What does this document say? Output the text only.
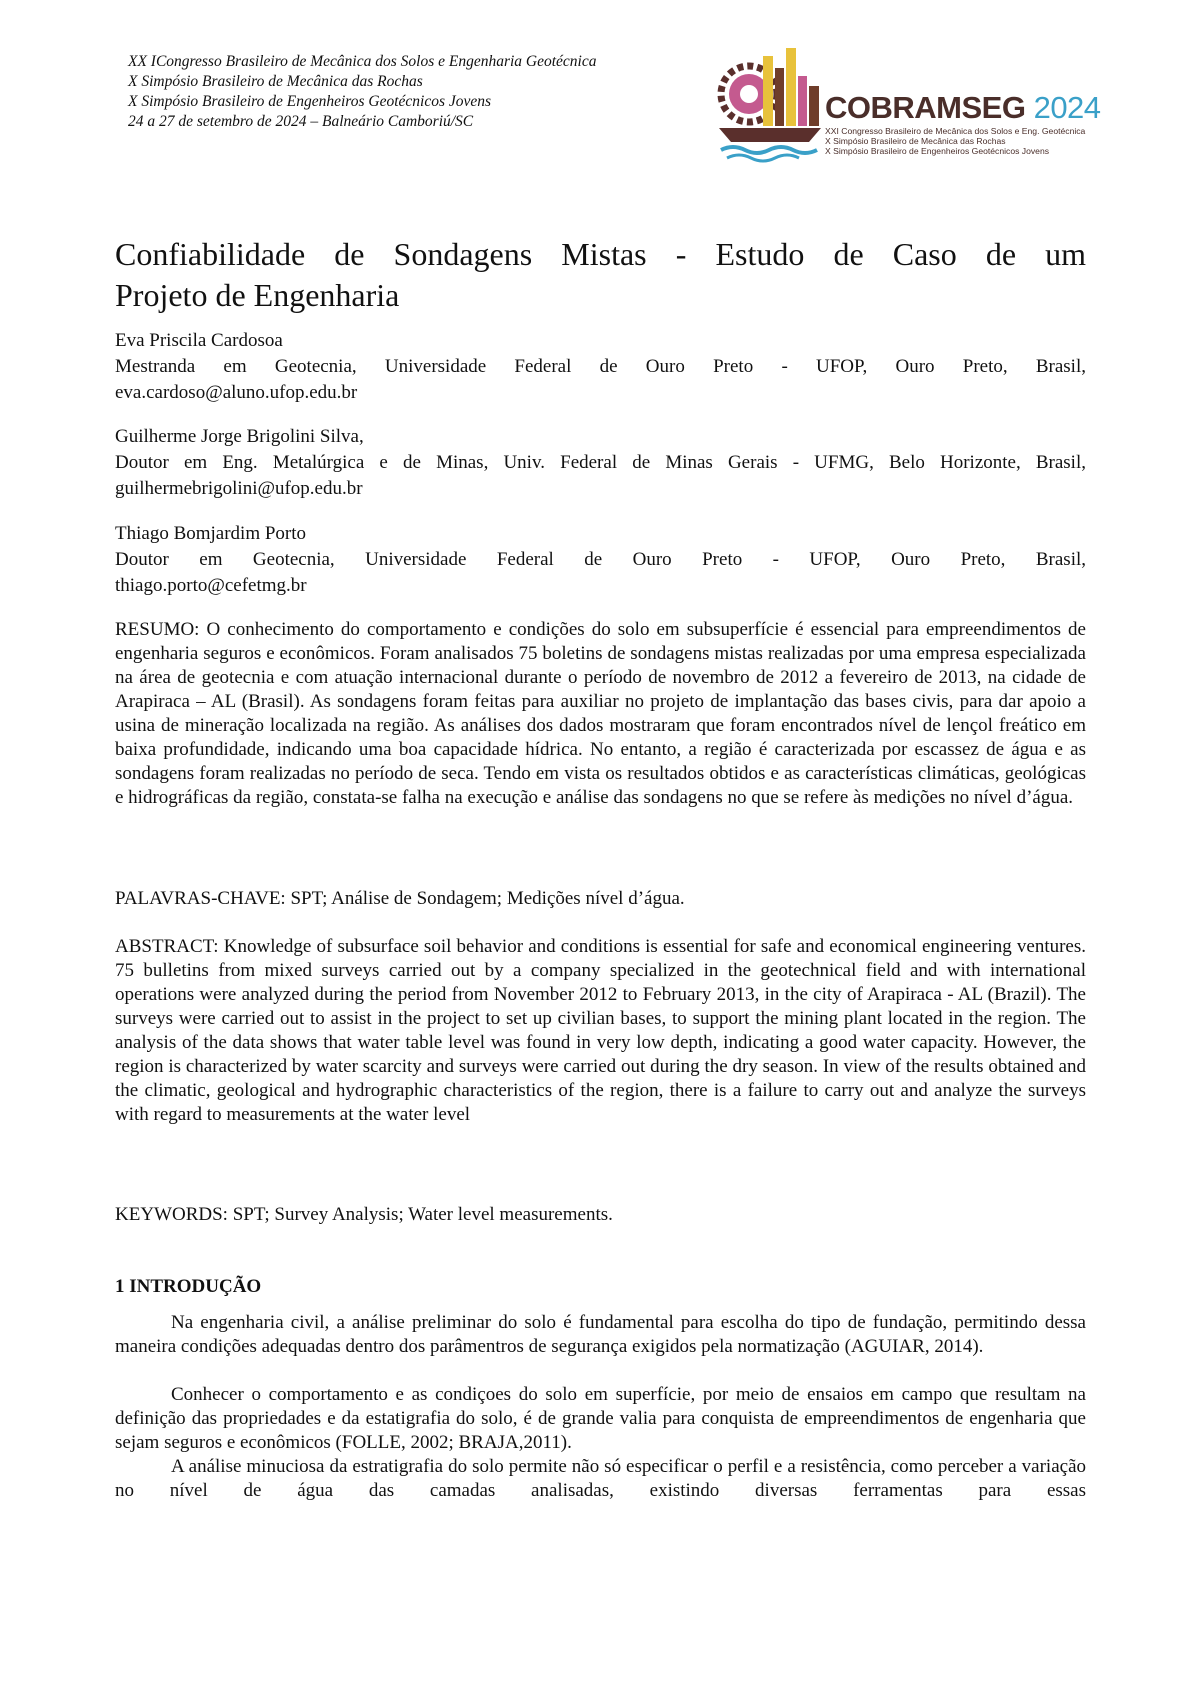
XX ICongresso Brasileiro de Mecânica dos Solos e Engenharia Geotécnica
X Simpósio Brasileiro de Mecânica das Rochas
X Simpósio Brasileiro de Engenheiros Geotécnicos Jovens
24 a 27 de setembro de 2024 – Balneário Camboriú/SC	COBRAMSEG 2024
XXI Congresso Brasileiro de Mecânica dos Solos e Eng. Geotécnica
X Simpósio Brasileiro de Mecânica das Rochas
X Simpósio Brasileiro de Engenheiros Geotécnicos Jovens
Confiabilidade de Sondagens Mistas - Estudo de Caso de um
Projeto de Engenharia
Eva Priscila Cardosoa
Mestranda em Geotecnia, Universidade Federal de Ouro Preto - UFOP, Ouro Preto, Brasil,
eva.cardoso@aluno.ufop.edu.br
Guilherme Jorge Brigolini Silva,
Doutor em Eng. Metalúrgica e de Minas, Univ. Federal de Minas Gerais - UFMG, Belo Horizonte, Brasil,
guilhermebrigolini@ufop.edu.br
Thiago Bomjardim Porto
Doutor em Geotecnia, Universidade Federal de Ouro Preto - UFOP, Ouro Preto, Brasil,
thiago.porto@cefetmg.br
RESUMO: O conhecimento do comportamento e condições do solo em subsuperfície é essencial para empreendimentos de engenharia seguros e econômicos. Foram analisados 75 boletins de sondagens mistas realizadas por uma empresa especializada na área de geotecnia e com atuação internacional durante o período de novembro de 2012 a fevereiro de 2013, na cidade de Arapiraca – AL (Brasil). As sondagens foram feitas para auxiliar no projeto de implantação das bases civis, para dar apoio a usina de mineração localizada na região. As análises dos dados mostraram que foram encontrados nível de lençol freático em baixa profundidade, indicando uma boa capacidade hídrica. No entanto, a região é caracterizada por escassez de água e as sondagens foram realizadas no período de seca. Tendo em vista os resultados obtidos e as características climáticas, geológicas e hidrográficas da região, constata-se falha na execução e análise das sondagens no que se refere às medições no nível d’água.
PALAVRAS-CHAVE: SPT; Análise de Sondagem; Medições nível d’água.
ABSTRACT: Knowledge of subsurface soil behavior and conditions is essential for safe and economical engineering ventures. 75 bulletins from mixed surveys carried out by a company specialized in the geotechnical field and with international operations were analyzed during the period from November 2012 to February 2013, in the city of Arapiraca - AL (Brazil). The surveys were carried out to assist in the project to set up civilian bases, to support the mining plant located in the region. The analysis of the data shows that water table level was found in very low depth, indicating a good water capacity. However, the region is characterized by water scarcity and surveys were carried out during the dry season. In view of the results obtained and the climatic, geological and hydrographic characteristics of the region, there is a failure to carry out and analyze the surveys with regard to measurements at the water level
KEYWORDS: SPT; Survey Analysis; Water level measurements.
1 INTRODUÇÃO
Na engenharia civil, a análise preliminar do solo é fundamental para escolha do tipo de fundação, permitindo dessa maneira condições adequadas dentro dos parâmentros de segurança exigidos pela normatização (AGUIAR, 2014).
Conhecer o comportamento e as condiçoes do solo em superfície, por meio de ensaios em campo que resultam na definição das propriedades e da estatigrafia do solo, é de grande valia para conquista de empreendimentos de engenharia que sejam seguros e econômicos (FOLLE, 2002; BRAJA,2011).
A análise minuciosa da estratigrafia do solo permite não só especificar o perfil e a resistência, como perceber a variação no nível de água das camadas analisadas, existindo diversas ferramentas para essas
